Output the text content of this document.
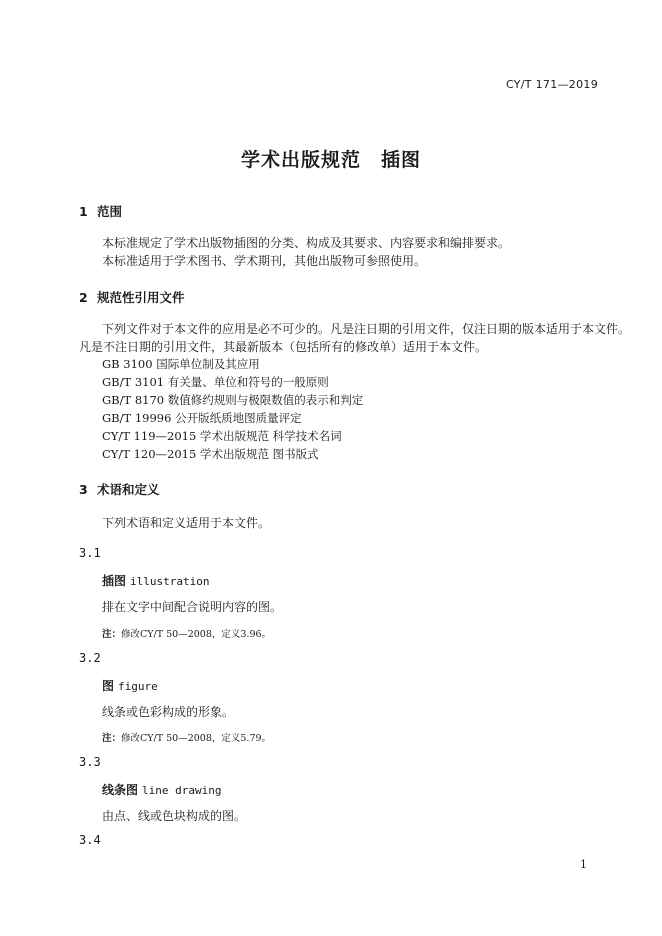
CY/T 171—2019
学术出版规范　插图
1 范围
本标准规定了学术出版物插图的分类、构成及其要求、内容要求和编排要求。
本标准适用于学术图书、学术期刊，其他出版物可参照使用。
2 规范性引用文件
下列文件对于本文件的应用是必不可少的。凡是注日期的引用文件，仅注日期的版本适用于本文件。
凡是不注日期的引用文件，其最新版本（包括所有的修改单）适用于本文件。
GB 3100 国际单位制及其应用
GB/T 3101 有关量、单位和符号的一般原则
GB/T 8170 数值修约规则与极限数值的表示和判定
GB/T 19996 公开版纸质地图质量评定
CY/T 119—2015 学术出版规范 科学技术名词
CY/T 120—2015 学术出版规范 图书版式
3 术语和定义
下列术语和定义适用于本文件。
3.1
插图 illustration
排在文字中间配合说明内容的图。
注：修改CY/T 50—2008，定义3.96。
3.2
图 figure
线条或色彩构成的形象。
注：修改CY/T 50—2008，定义5.79。
3.3
线条图 line drawing
由点、线或色块构成的图。
3.4
1
